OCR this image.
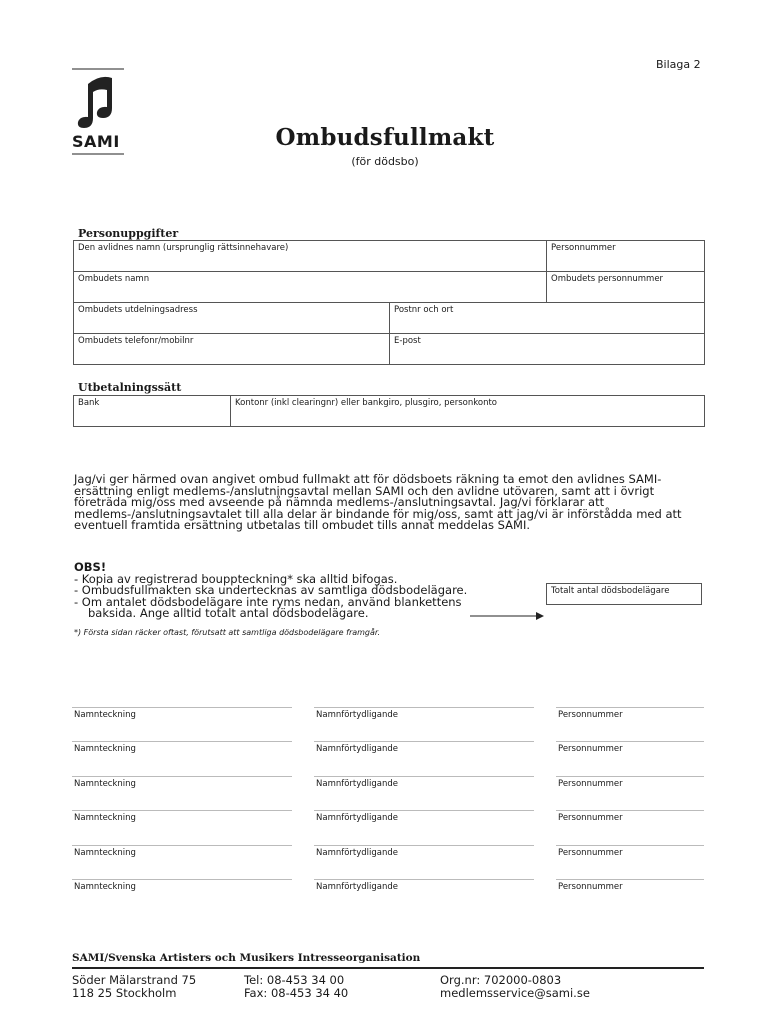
Bilaga 2
SAMI	Ombudsfullmakt
(för dödsbo)
Personuppgifter
Den avlidnes namn (ursprunglig rättsinnehavare)		Personnummer
Ombudets namn		Ombudets personnummer
Ombudets utdelningsadress	Postnr och ort	
Ombudets telefonr/mobilnr	E-post	
Utbetalningssätt
Bank	Kontonr (inkl clearingnr) eller bankgiro, plusgiro, personkonto
Jag/vi ger härmed ovan angivet ombud fullmakt att för dödsboets räkning ta emot den avlidnes SAMI-ersättning enligt medlems-/anslutningsavtal mellan SAMI och den avlidne utövaren, samt att i övrigt företräda mig/oss med avseende på nämnda medlems-/anslutningsavtal. Jag/vi förklarar att medlems-/anslutningsavtalet till alla delar är bindande för mig/oss, samt att jag/vi är införstådda med att eventuell framtida ersättning utbetalas till ombudet tills annat meddelas SAMI.
OBS!
- Kopia av registrerad bouppteckning* ska alltid bifogas.
- Ombudsfullmakten ska undertecknas av samtliga dödsbodelägare.
- Om antalet dödsbodelägare inte ryms nedan, använd blankettens baksida. Ange alltid totalt antal dödsbodelägare.
Totalt antal dödsbodelägare
*) Första sidan räcker oftast, förutsatt att samtliga dödsbodelägare framgår.
Namnteckning	Namnförtydligande	Personnummer
Namnteckning	Namnförtydligande	Personnummer
Namnteckning	Namnförtydligande	Personnummer
Namnteckning	Namnförtydligande	Personnummer
Namnteckning	Namnförtydligande	Personnummer
Namnteckning	Namnförtydligande	Personnummer
SAMI/Svenska Artisters och Musikers Intresseorganisation
Söder Mälarstrand 75
118 25 Stockholm
Tel: 08-453 34 00
Fax: 08-453 34 40
Org.nr: 702000-0803
medlemsservice@sami.se
